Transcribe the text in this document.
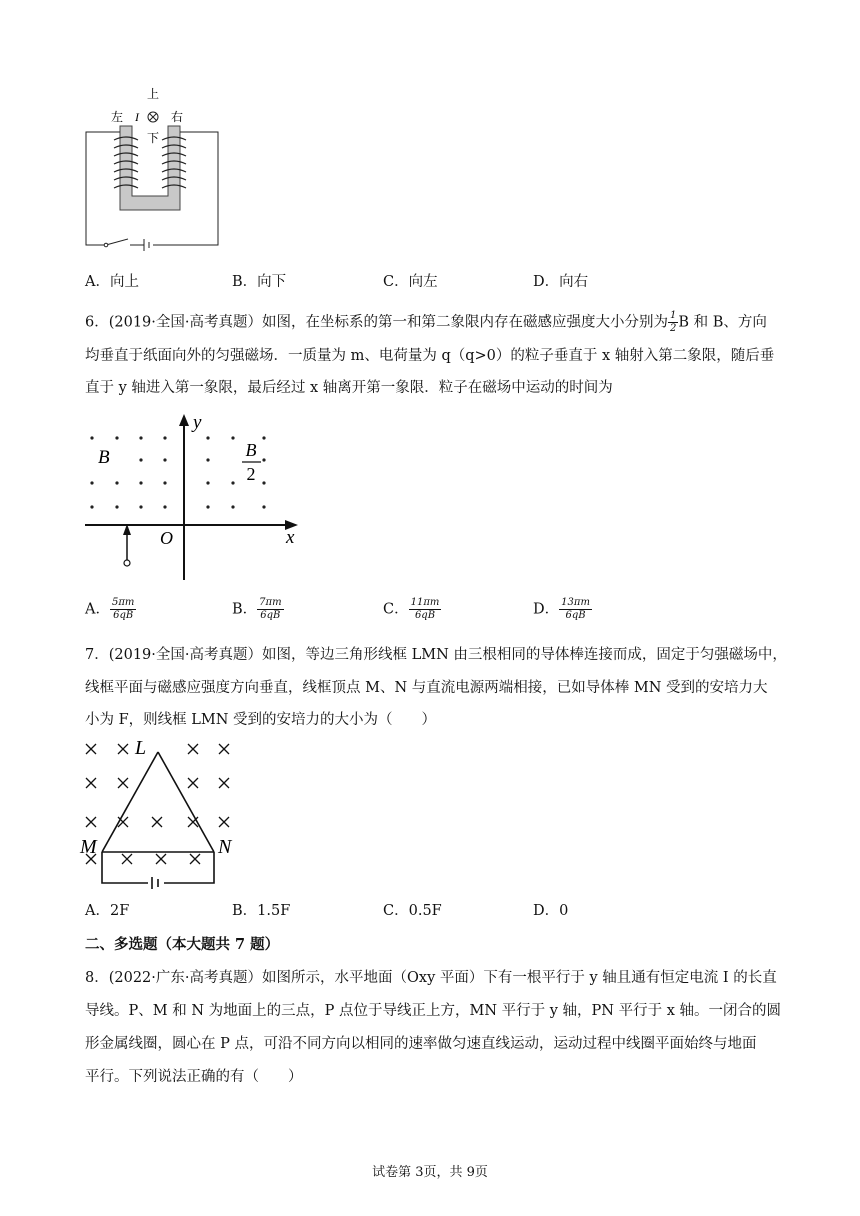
上
左 I	右
下
A．向上	B．向下	C．向左	D．向右
6．(2019·全国·高考真题）如图，在坐标系的第一和第二象限内存在磁感应强度大小分别为 $\frac{1}{2}$ B 和 B、方向
均垂直于纸面向外的匀强磁场．一质量为 m、电荷量为 q（q>0）的粒子垂直于 x 轴射入第二象限，随后垂
直于 y 轴进入第一象限，最后经过 x 轴离开第一象限．粒子在磁场中运动的时间为
y
x
O
B	B
2
A． $\frac{5\pi m}{6qB}$	B． $\frac{7\pi m}{6qB}$	C． $\frac{11\pi m}{6qB}$	D． $\frac{13\pi m}{6qB}$
7．(2019·全国·高考真题）如图，等边三角形线框 LMN 由三根相同的导体棒连接而成，固定于匀强磁场中，
线框平面与磁感应强度方向垂直，线框顶点 M、N 与直流电源两端相接，已如导体棒 MN 受到的安培力大
小为 F，则线框 LMN 受到的安培力的大小为（　　）
L
M	N
A．2F	B．1.5F	C．0.5F	D．0
二、多选题（本大题共 7 题）
8．(2022·广东·高考真题）如图所示，水平地面（Oxy 平面）下有一根平行于 y 轴且通有恒定电流 I 的长直
导线。P、M 和 N 为地面上的三点，P 点位于导线正上方，MN 平行于 y 轴，PN 平行于 x 轴。一闭合的圆
形金属线圈，圆心在 P 点，可沿不同方向以相同的速率做匀速直线运动，运动过程中线圈平面始终与地面
平行。下列说法正确的有（　　）
试卷第 3页，共 9页
